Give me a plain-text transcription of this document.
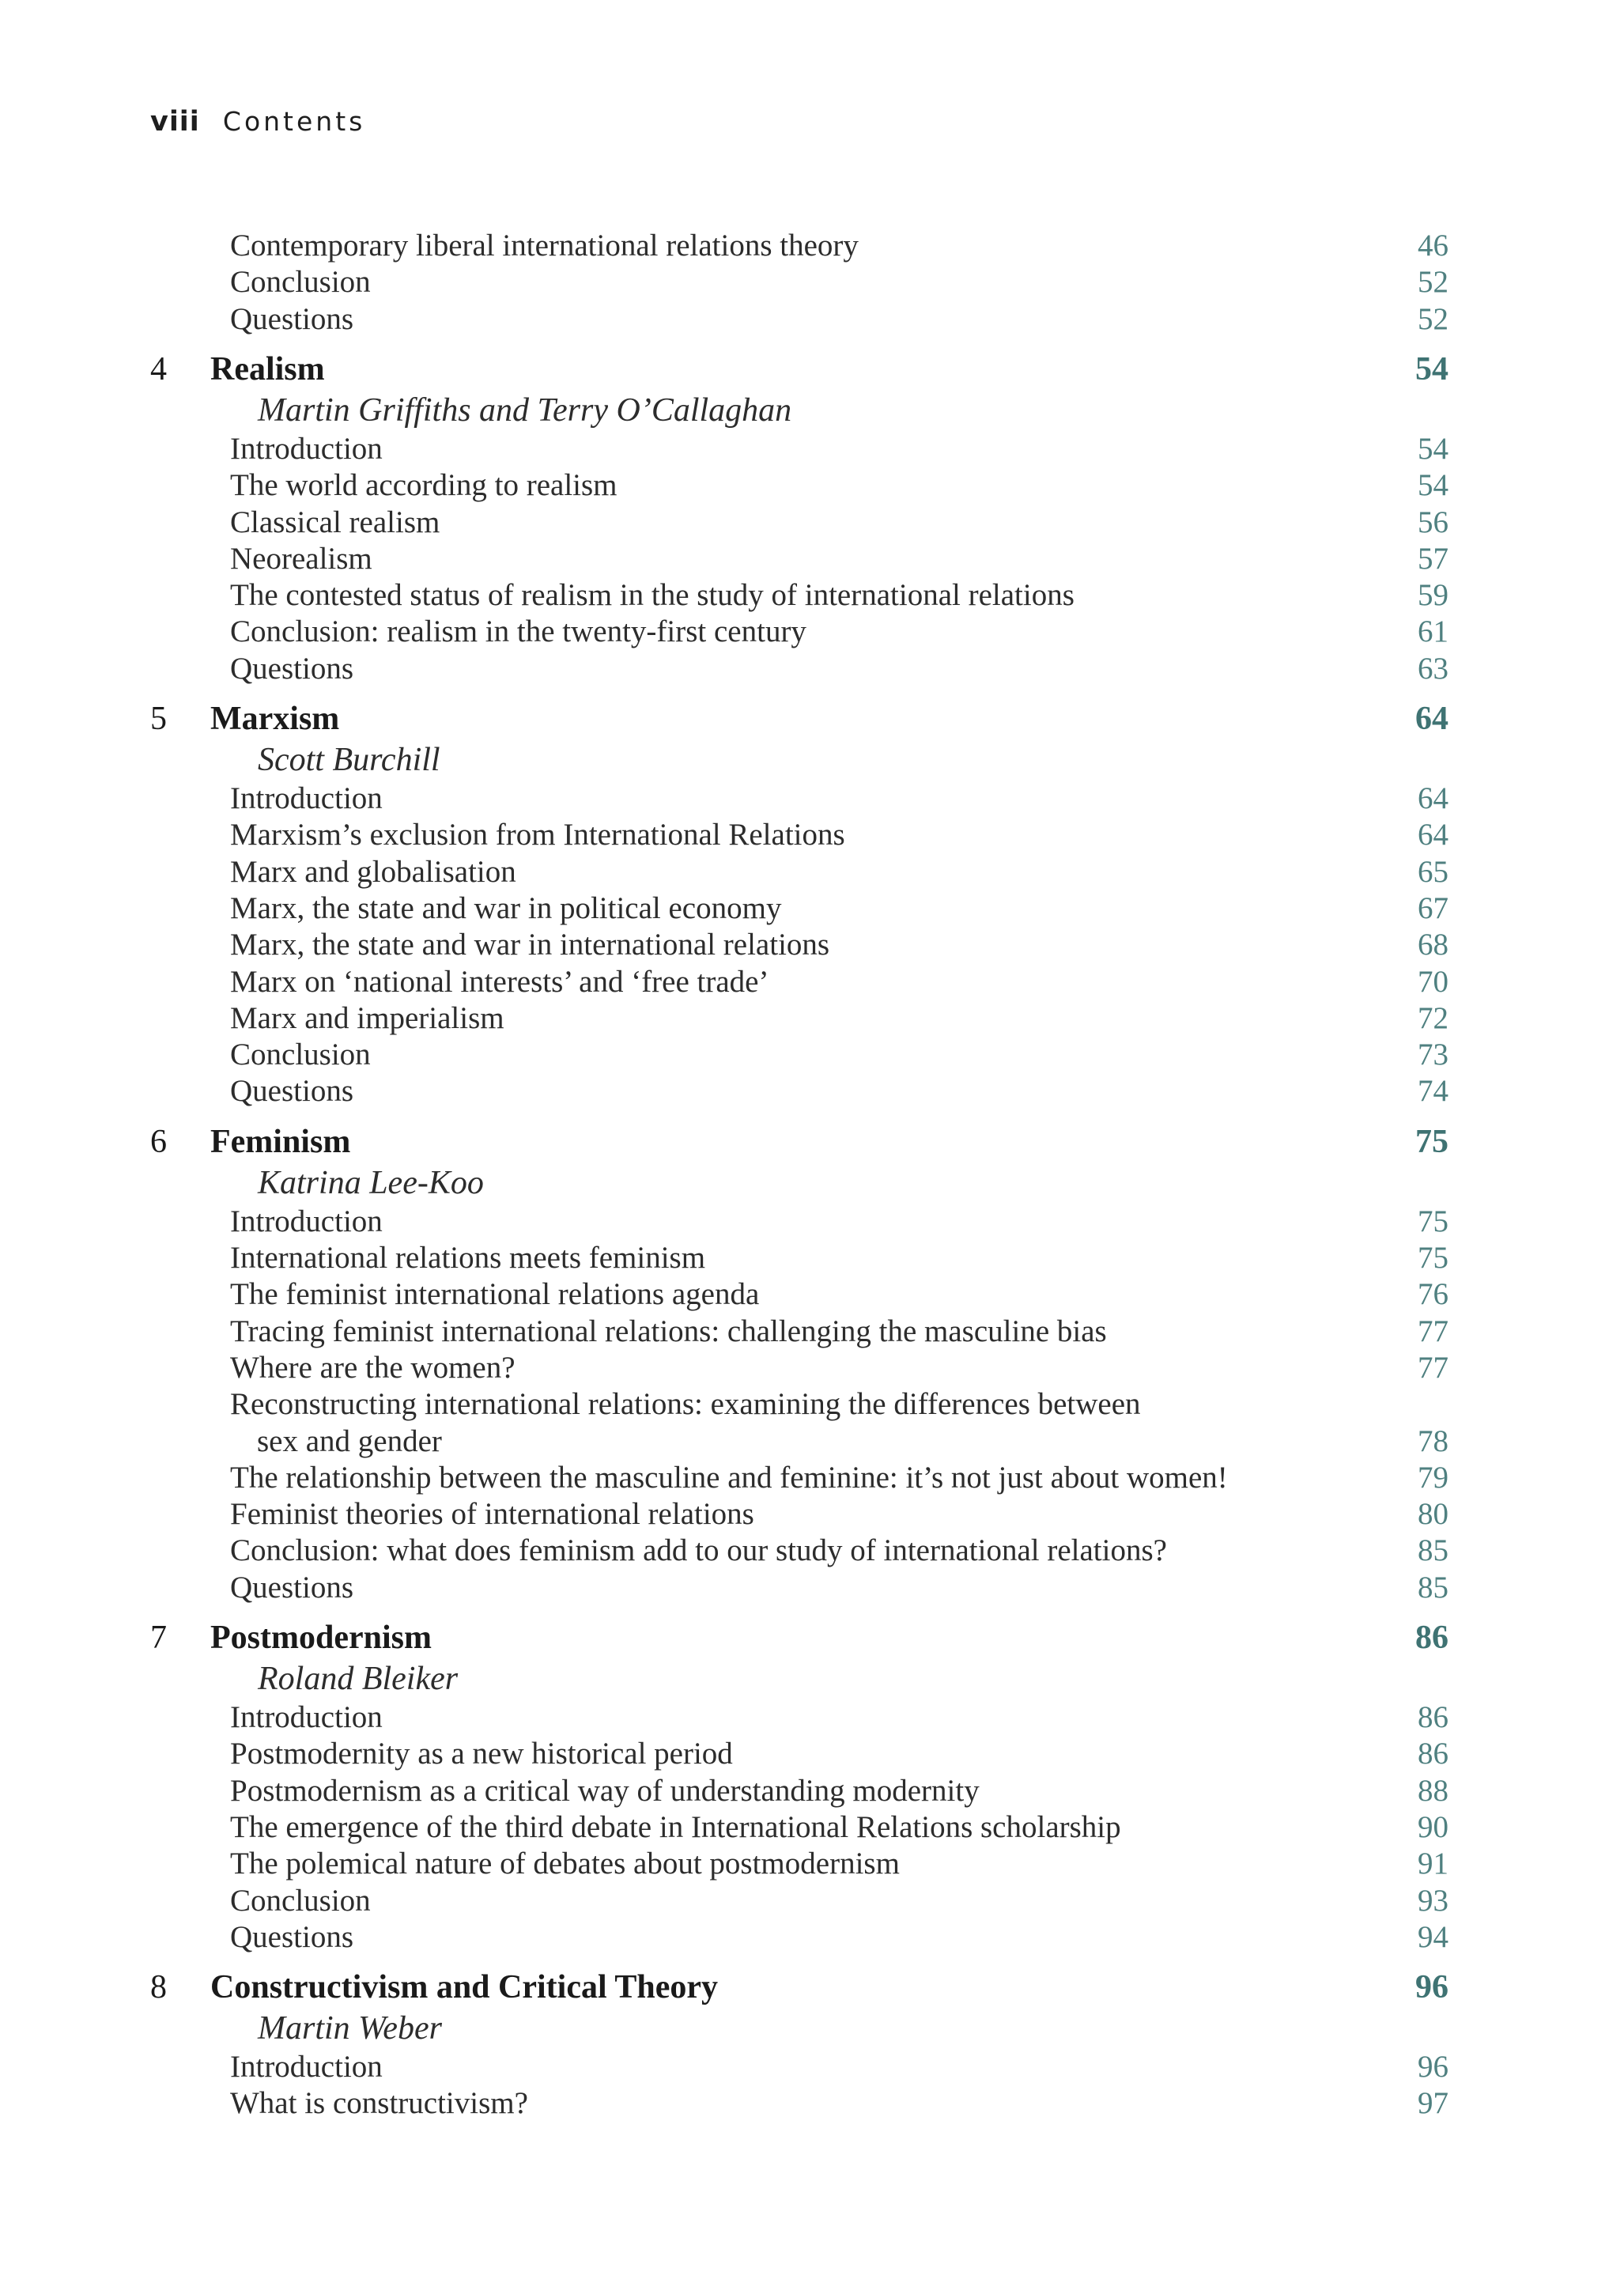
viii Contents
Contemporary liberal international relations theory	46
Conclusion	52
Questions	52
4 Realism	54
Martin Griffiths and Terry O’Callaghan
Introduction	54
The world according to realism	54
Classical realism	56
Neorealism	57
The contested status of realism in the study of international relations	59
Conclusion: realism in the twenty-first century	61
Questions	63
5 Marxism	64
Scott Burchill
Introduction	64
Marxism’s exclusion from International Relations	64
Marx and globalisation	65
Marx, the state and war in political economy	67
Marx, the state and war in international relations	68
Marx on ‘national interests’ and ‘free trade’	70
Marx and imperialism	72
Conclusion	73
Questions	74
6 Feminism	75
Katrina Lee-Koo
Introduction	75
International relations meets feminism	75
The feminist international relations agenda	76
Tracing feminist international relations: challenging the masculine bias	77
Where are the women?	77
Reconstructing international relations: examining the differences between
sex and gender	78
The relationship between the masculine and feminine: it’s not just about women!	79
Feminist theories of international relations	80
Conclusion: what does feminism add to our study of international relations?	85
Questions	85
7 Postmodernism	86
Roland Bleiker
Introduction	86
Postmodernity as a new historical period	86
Postmodernism as a critical way of understanding modernity	88
The emergence of the third debate in International Relations scholarship	90
The polemical nature of debates about postmodernism	91
Conclusion	93
Questions	94
8 Constructivism and Critical Theory	96
Martin Weber
Introduction	96
What is constructivism?	97
